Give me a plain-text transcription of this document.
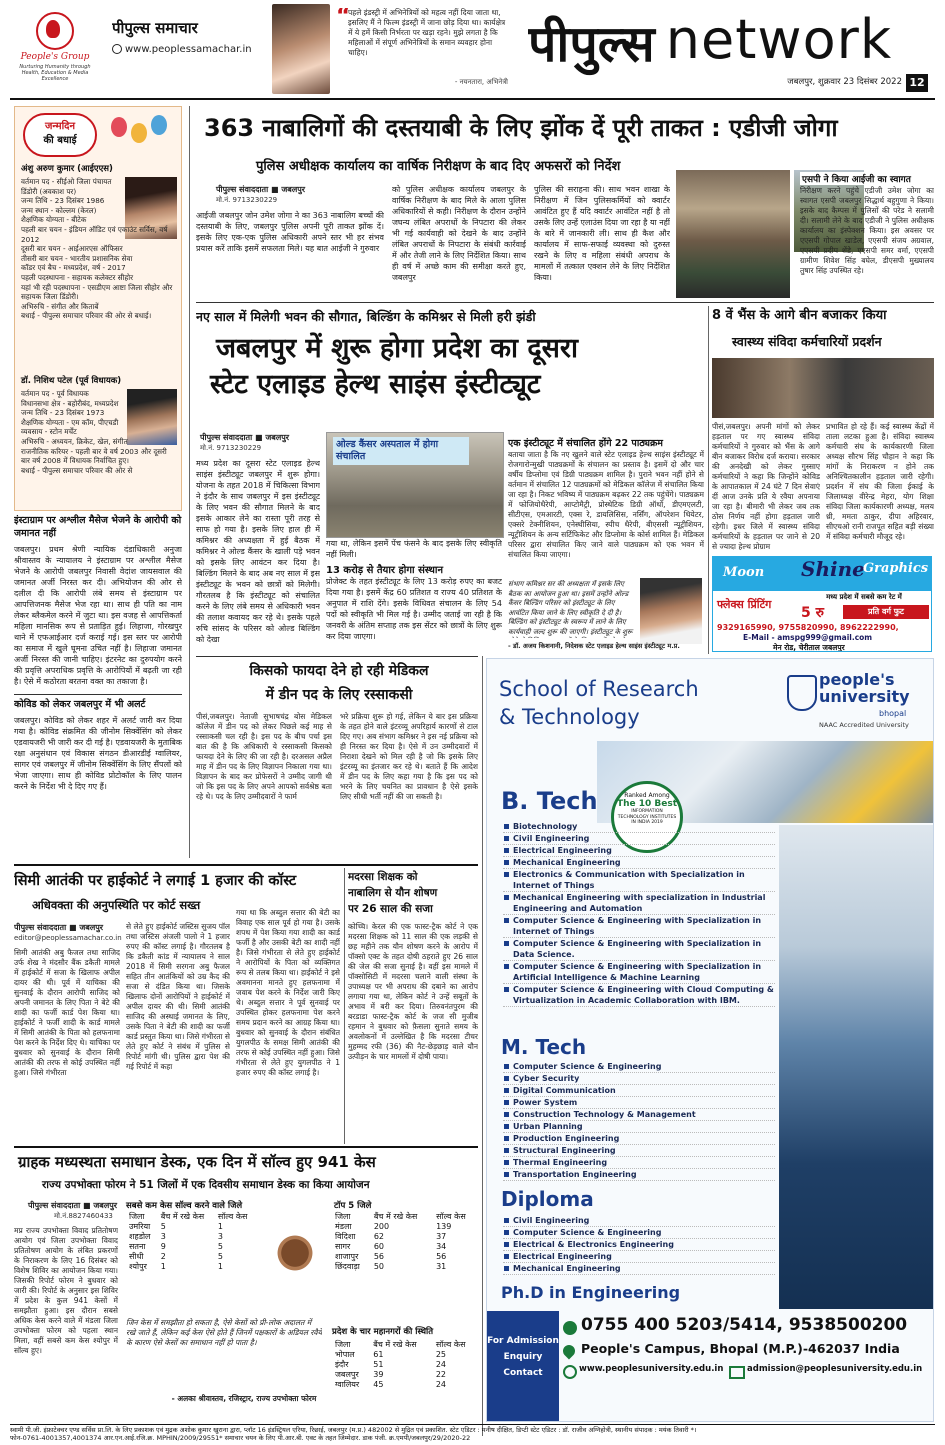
People's Group
Nurturing Humanity through Health, Education & Media Excellence
पीपुल्स समाचार
www.peoplessamachar.in
“
पहले इंडस्ट्री में अभिनेत्रियों को महत्व नहीं दिया जाता था, इसलिए मैं ने फिल्म इंडस्ट्री में जाना छोड़ दिया था। कार्यक्षेत्र में ये हमें किसी निर्भरता पर खड़ा रहने। मुझे लगता है कि महिलाओं में संपूर्ण अभिनेत्रियों के समान व्यवहार होना चाहिए।
- नयनतारा, अभिनेत्री
पीपुल्स network
जबलपुर, शुक्रवार 23 दिसंबर 2022 12
जन्मदिन
की बधाई
अंशु अरुण कुमार (आईएएस)
वर्तमान पद - सीईओ जिला पंचायत डिंडोरी (अवकाश पर)
जन्म तिथि - 23 दिसंबर 1986
जन्म स्थान - कोल्लम (केरल)
शैक्षणिक योग्यता - बीटेक
पहली बार चयन - इंडियन ऑडिट एवं एकाउंट सर्विस, वर्ष 2012
दूसरी बार चयन - आईआरएस ऑफिसर
तीसरी बार चयन - भारतीय प्रशासनिक सेवा
कॉडर एवं बैच - मध्यप्रदेश, वर्ष - 2017
पहली पदस्थापना - सहायक कलेक्टर सीहोर
यहां भी रही पदस्थापना - एसडीएम आष्टा जिला सीहोर और सहायक जिला डिंडोरी।
अभिरुचि - संगीत और किताबें
बधाई - पीपुल्स समाचार परिवार की ओर से बधाई।
डॉ. निशिथ पटेल (पूर्व विधायक)
वर्तमान पद - पूर्व विधायक
विधानसभा क्षेत्र - बहोरीबंद, मध्यप्रदेश
जन्म तिथि - 23 दिसंबर 1973
शैक्षणिक योग्यता - एम कॉम, पीएचडी
व्यवसाय - स्टोन मर्चेंट
अभिरुचि - अध्ययन, क्रिकेट, खेल, संगीत
राजनीतिक करियर - पहली बार वे वर्ष 2003 और दूसरी बार वर्ष 2008 में विधायक निर्वाचित हुए।
बधाई - पीपुल्स समाचार परिवार की ओर से
इंस्टाग्राम पर अश्लील मैसेज भेजने के आरोपी को जमानत नहीं
जबलपुर। प्रथम श्रेणी न्यायिक दंडाधिकारी अनुजा श्रीवास्तव के न्यायालय ने इंस्टाग्राम पर अश्लील मैसेज भेजने के आरोपी जबलपुर निवासी वेदांश जायसवाल की जमानत अर्जी निरस्त कर दी। अभियोजन की ओर से दलील दी कि आरोपी लंबे समय से इंस्टाग्राम पर आपत्तिजनक मैसेज भेज रहा था। साथ ही पति का नाम लेकर ब्लैकमेल करने में जुटा था। इस वजह से आपत्तिकर्ता महिला मानसिक रूप से प्रताड़ित हुई। लिहाजा, गोरखपुर थाने में एफआईआर दर्ज कराई गई। इस स्तर पर आरोपी का समाज में खुले घूमना उचित नहीं है। लिहाजा जमानत अर्जी निरस्त की जानी चाहिए। इंटरनेट का दुरुपयोग करने की प्रवृत्ति अपराधिक प्रवृत्ति के आरोपियों में बढ़ती जा रही है। ऐसे में कठोरता बरतना वक्त का तकाजा है।
कोविड को लेकर जबलपुर में भी अलर्ट
जबलपुर। कोविड को लेकर शहर में अलर्ट जारी कर दिया गया है। कोविड संक्रमित की जीनोम सिक्वेंसिंग को लेकर एडवायजरी भी जारी कर दी गई है। एडवायजरी के मुताबिक रक्षा अनुसंधान एवं विकास संगठन डीआरडीई ग्वालियर, सागर एवं जबलपुर में जीनोम सिक्वेंसिंग के लिए सैंपलों को भेजा जाएगा। साथ ही कोविड प्रोटोकॉल के लिए पालन करने के निर्देश भी दे दिए गए हैं।
363 नाबालिगों की दस्तयाबी के लिए झोंक दें पूरी ताकत : एडीजी जोगा
पुलिस अधीक्षक कार्यालय का वार्षिक निरीक्षण के बाद दिए अफसरों को निर्देश
पीपुल्स संवाददाता ■ जबलपुर
मो.नं. 9713230229
आईजी जबलपुर जोन उमेश जोगा ने का 363 नाबालिग बच्चों की दस्तयाबी के लिए, जबलपुर पुलिस अपनी पूरी ताकत झोंक दें। इसके लिए एक-एक पुलिस अधिकारी अपने स्तर भी हर संभव प्रयास करें ताकि इसमें सफलता मिले। यह बात आईजी ने गुरुवार
को पुलिस अधीक्षक कार्यालय जबलपुर के वार्षिक निरीक्षण के बाद मिले के आला पुलिस अधिकारियों से कही। निरीक्षण के दौरान उन्होंने जघन्य लंबित अपराधों के निपटारा की लेकर भी गई कार्यवाही को देखने के बाद उन्होंने लंबित अपराधों के निपटारा के संबंधी कार्रवाई में और तेजी लाने के लिए निर्देशित किया। साथ ही वर्ष में अच्छे काम की समीक्षा करते हुए, जबलपुर
पुलिस की सराहना की। साथ भवन शाखा के निरीक्षण में जिन पुलिसकर्मियों को क्वार्टर आवंटित हुए हैं यदि क्वार्टर आवंटित नहीं है तो उसके लिए उन्हें एलाउंस दिया जा रहा है या नहीं के बारे में जानकारी ली। साथ ही कैश और कार्यालय में साफ-सफाई व्यवस्था को दुरुस्त रखने के लिए व महिला संबंधी अपराध के मामलों में तत्काल एक्शन लेने के लिए निर्देशित किया।
एसपी ने किया आईजी का स्वागत
निरीक्षण करने पहुंचे एडीजी उमेश जोगा का स्वागत एसपी जबलपुर सिद्धार्थ बहुगुणा ने किया। इसके बाद कैम्पस में पुलिसों की परेड ने सलामी दी। सलामी लेने के बाद एडीजी ने पुलिस अधीक्षक कार्यालय का इंस्पेक्शन किया। इस अवसर पर एएसपी गोपाल खाडेल, एएसपी संजय अग्रवाल, एएसपी प्रदीप शेंडे, एएसपी समर वर्मा, एएसपी ग्रामीण शिवेश सिंह बघेल, डीएसपी मुख्यालय तुषार सिंह उपस्थित रहे।
नए साल में मिलेगी भवन की सौगात, बिल्डिंग के कमिश्नर से मिली हरी झंडी
जबलपुर में शुरू होगा प्रदेश का दूसरा
स्टेट एलाइड हेल्थ साइंस इंस्टीट्यूट
पीपुल्स संवाददाता ■ जबलपुर
मो.नं. 9713230229
मध्य प्रदेश का दूसरा स्टेट एलाइड हेल्थ साइंस इंस्टीट्यूट जबलपुर में शुरू होगा। योजना के तहत 2018 में चिकित्सा विभाग ने इंदौर के साथ जबलपुर में इस इंस्टीट्यूट के लिए भवन की सौगात मिलने के बाद इसके आकार लेने का रास्ता पूरी तरह से साफ हो गया है। इसके लिए हाल ही में कमिश्नर की अध्यक्षता में हुई बैठक में कमिश्नर ने ओल्ड कैंसर के खाली पड़े भवन को इसके लिए आवंटन कर दिया है। बिल्डिंग मिलने के बाद अब नए साल में इस इंस्टीट्यूट के भवन को छात्रों को मिलेगी। गौरतलब है कि इंस्टीट्यूट को संचालित करने के लिए लंबे समय से अधिकारी भवन की तलाश कवायद कर रहे थे। इसके पहले रुचि सांसद के परिसर को ओल्ड बिल्डिंग को देखा
ओल्ड कैंसर अस्पताल में होगा संचालित
गया था, लेकिन इसमें पेंच फंसने के बाद इसके लिए स्वीकृति नहीं मिली।
13 करोड़ से तैयार होगा संस्थान
प्रोजेक्ट के तहत इंस्टीट्यूट के लिए 13 करोड़ रुपए का बजट दिया गया है। इसमें केंद्र 60 प्रतिशत व राज्य 40 प्रतिशत के अनुपात में राशि देंगे। इसके विधिवत संचालन के लिए 54 पदों को स्वीकृति भी मिल गई है। उम्मीद जताई जा रही है कि जनवरी के अंतिम सप्ताह तक इस सेंटर को छात्रों के लिए शुरू कर दिया जाएगा।
एक इंस्टीट्यूट में संचालित होंगे 22 पाठ्यक्रम
बताया जाता है कि नए खुलने वाले स्टेट एलाइड हेल्थ साइंस इंस्टीट्यूट में रोजगारोन्मुखी पाठ्यक्रमों के संचालन का प्रस्ताव है। इसमें दो और चार वर्षीय डिप्लोमा एवं डिग्री पाठ्यक्रम शामिल है। पुराने भवन नहीं होने से वर्तमान में संचालित 12 पाठ्यक्रमों को मेडिकल कॉलेज में संचालित किया जा रहा है। निकट भविष्य में पाठ्यक्रम बढ़कर 22 तक पहुंचेंगे। पाठ्यक्रम में फोजियोथैरेपी, आप्टोमैट्री, प्रोस्थेटिक डिग्री ऑर्थो, डीएमएलटी, सीटीएस, एमआरटी, एक्स रे, डायलिसिस, नर्सिंग, ऑपरेशन थियेटर, एक्सरे टेक्नीशियन, एनेस्थीसिया, स्पीच थैरेपी, बीएससी न्यूट्रीशियन, न्यूट्रीशियन के अन्य सर्टिफिकेट और डिप्लोमा के कोर्स शामिल हैं। मेडिकल परिसर द्वारा संचालित किए जाने वाले पाठ्यक्रम को एक भवन में संचालित किया जाएगा।
संभाग कमिश्नर सर की अध्यक्षता में इसके लिए बैठक का आयोजन हुआ था। इसमें उन्होंने ओल्ड कैंसर बिल्डिंग परिसर को इंस्टीट्यूट के लिए आवंटित किया जाने के लिए स्वीकृति दे दी है। बिल्डिंग को इंस्टीट्यूट के स्वरूप में लाने के लिए कार्यवाही जल्द शुरू की जाएगी। इंस्टीट्यूट के शुरू
- डॉ. अजय किशनानी, निदेशक स्टेट एलाइड हेल्थ साइंस इंस्टीट्यूट म.प्र.
8 वें भैंस के आगे बीन बजाकर किया
स्वास्थ्य संविदा कर्मचारियों प्रदर्शन
पीसं,जबलपुर। अपनी मांगों को लेकर हड़ताल पर गए स्वास्थ्य संविदा कर्मचारियों ने गुरुवार को भैंस के आगे बीन बजाकर विरोध दर्ज कराया। सरकार की अनदेखी को लेकर गुस्साए कर्मचारियों ने कहा कि जिन्होंने कोविड के आपातकाल में 24 घंटे 7 दिन सेवाएं दीं आज उनके प्रति ये रवैया अपनाया जा रहा है। बीमारी भी लेकर जब तक ठोस निर्णय नहीं होगा हड़ताल जारी रहेगी। इधर जिले में स्वास्थ्य संविदा कर्मचारियों के हड़ताल पर जाने से 20 से ज्यादा हेल्थ प्रोग्राम
प्रभावित हो रहे हैं। कई स्वास्थ्य केंद्रों में ताला लटका हुआ है। संविदा स्वास्थ्य कर्मचारी संघ के कार्यकारणी जिला अध्यक्ष सौरभ सिंह चौहान ने कहा कि मांगों के निराकरण न होने तक अनिश्चितकालीन हड़ताल जारी रहेगी। प्रदर्शन में संघ की जिला ईकाई के जिलाध्यक्ष वीरेन्द्र मेहरा, योग शिक्षा संविदा जिला कार्यकारणी अध्यक्ष, मलय थ्री, ममता ठाकुर, दीपा अहिरवार, सीएचओ रानी राजपूत सहित बड़ी संख्या में संविदा कर्मचारी मौजूद रहे।
Moon Shine
Graphics
मध्य प्रदेश में सबसे कम रेट में
फ्लेक्स प्रिंटिंग
5 रु	प्रति वर्ग फुट
9329165990, 9755820990, 8962222990,
E-Mail - amspg999@gmail.com
मेन रोड, चेरीताल जबलपुर
किसको फायदा देने हो रही मेडिकल
में डीन पद के लिए रस्साकसी
पीसं,जबलपुर। नेताजी सुभाषचंद्र बोस मेडिकल कॉलेज में डीन पद को लेकर पिछले कई माह से रस्साकसी चल रही है। इस पद के बीच पर्चा इस बात की है कि अधिकारी ये रस्साकसी किसको फायदा देने के लिए की जा रही है। दरअसल अप्रैल माह में डीन पद के लिए विज्ञापन निकाला गया था। विज्ञापन के बाद कर प्रोफेसरों ने उम्मीद जागी थी जो कि इस पद के लिए अपने आपको सर्वश्रेष्ठ बता रहे थे। पद के लिए उम्मीदवारों ने फार्म
भरे प्रक्रिया शुरू हो गई, लेकिन ये बार इस प्रक्रिया के तहत होने वाले इंटरव्यू अपरिहार्य कारणों से टाल दिए गए। अब संभाग कमिश्नर ने इस नई प्रक्रिया को ही निरस्त कर दिया है। ऐसे में उन उम्मीदवारों में निराशा देखने को मिल रही है जो कि इसके लिए इंटरव्यू का इंतजार कर रहे थे। बताते हैं कि आदेश में डीन पद के लिए कहा गया है कि इस पद को भरने के लिए चयनित का प्रावधान है ऐसे इसके लिए सीधी भर्ती नहीं की जा सकती है।
School of Research
& Technology
people's university
bhopal
NAAC Accredited University
Ranked Among
The 10 Best
INFORMATION TECHNOLOGY INSTITUTES IN INDIA 2019
B. Tech
Biotechnology
Civil Engineering
Electrical Engineering
Mechanical Engineering
Electronics & Communication with Specialization in Internet of Things
Mechanical Engineering with specialization in Industrial Engineering and Automation
Computer Science & Engineering with Specialization in Internet of Things
Computer Science & Engineering with Specialization in Data Science.
Computer Science & Engineering with Specialization in Artificial Intelligence & Machine Learning
Computer Science & Engineering with Cloud Computing & Virtualization in Academic Collaboration with IBM.
M. Tech
Computer Science & Engineering
Cyber Security
Digital Communication
Power System
Construction Technology & Management
Urban Planning
Production Engineering
Structural Engineering
Thermal Engineering
Transportation Engineering
Diploma
Civil Engineering
Computer Science & Engineering
Electrical & Electronics Engineering
Electrical Engineering
Mechanical Engineering
Ph.D in Engineering
For Admission Enquiry Contact
0755 400 5203/5414, 9538500200
People's Campus, Bhopal (M.P.)-462037 India
www.peoplesuniversity.edu.in	admission@peoplesuniversity.edu.in
सिमी आतंकी पर हाईकोर्ट ने लगाई 1 हजार की कॉस्ट
अधिवक्ता की अनुपस्थिति पर कोर्ट सख्त
पीपुल्स संवाददाता ■ जबलपुर
editor@peoplessamachar.co.in
सिमी आतंकी अबु फैजल तथा साजिद उर्फ शेख ने मंदसौर बैंक डकैती मामले में हाईकोर्ट में सजा के खिलाफ अपील दायर की थी। पूर्व में याचिका की सुनवाई के दौरान आरोपी साजिद को अपनी जमानत के लिए पिता ने बेटे की शादी का फर्जी कार्ड पेश किया था। हाईकोर्ट ने फर्जी शादी के कार्ड मामले में सिमी आतंकी के पिता को हलफनामा पेश करने के निर्देश दिए थे। याचिका पर बुधवार को सुनवाई के दौरान सिमी आतंकी की तरफ से कोई उपस्थित नहीं हुआ। जिसे गंभीरता
से लेते हुए हाईकोर्ट जस्टिस सुजय पॉल तथा जस्टिस अंजली पालो ने 1 हजार रुपए की कॉस्ट लगाई है। गौरतलब है कि डकैती कांड में न्यायालय ने साल 2018 में सिमी सरगना अबु फैजल सहित तीन आतंकियों को उम्र कैद की सजा से दंडित किया था। जिसके खिलाफ दोनों आरोपियों ने हाईकोर्ट में अपील दायर की थी। सिमी आतंकी साजिद की अस्थाई जमानत के लिए, उसके पिता ने बेटी की शादी का फर्जी कार्ड प्रस्तुत किया था। जिसे गंभीरता से लेते हुए कोर्ट ने संबंध में पुलिस से रिपोर्ट मांगी थी। पुलिस द्वारा पेश की गई रिपोर्ट में कहा
गया था कि अब्दुल सत्तार की बेटी का विवाह एक साल पूर्व हो गया है। उसके शपथ में पेश किया गया शादी का कार्ड फर्जी है और उसकी बेटी का शादी नहीं है। जिसे गंभीरता से लेते हुए हाईकोर्ट ने आरोपियों के पिता को व्यक्तिगत रूप से तलब किया था। हाईकोर्ट ने इसे अवमानना मानते हुए हलफनामा में जवाब पेश करने के निर्देश जारी किए थे। अब्दुल सत्तार ने पूर्व सुनवाई पर उपस्थित होकर हलफनामा पेश करने समय प्रदान करने का आग्रह किया था। बुधवार को सुनवाई के दौरान संबंधित युगलपीठ के समक्ष सिमी आतंकी की तरफ से कोई उपस्थित नहीं हुआ। जिसे गंभीरता से लेते हुए युगलपीठ ने 1 हजार रुपए की कॉस्ट लगाई है।
मदरसा शिक्षक को
नाबालिग से यौन शोषण
पर 26 साल की सजा
कोच्चि। केरल की एक फास्ट-ट्रैक कोर्ट ने एक मदरसा शिक्षक को 11 साल की एक लड़की से छह महीने तक यौन शोषण करने के आरोप में पॉक्सो एक्ट के तहत दोषी ठहराते हुए 26 साल की जेल की सजा सुनाई है। वहीं इस मामले में पॉक्सोसिटी में मदरसा चलाने वाली संस्था के उपाध्यक्ष पर भी अपराध की दबाने का आरोप लगाया गया था, लेकिन कोर्ट ने उन्हें सबूतों के अभाव में बरी कर दिया। तिरुवनंतपुरम की बरडाडा फास्ट-ट्रैक कोर्ट के जज सी मुजीब रहमान ने बुधवार को फ़ैसला सुनाते समय के अवलोकनों में उल्लेखित है कि मदरसा टीचर मुहम्मद रफी (36) की नैट-छेड़छाड़ वाले यौन उत्पीड़न के चार मामलों में दोषी पाया।
ग्राहक मध्यस्थता समाधान डेस्क, एक दिन में सॉल्व हुए 941 केस
राज्य उपभोक्ता फोरम ने 51 जिलों में एक दिवसीय समाधान डेस्क का किया आयोजन
पीपुल्स संवाददाता ■ जबलपुर
मो.नं.8827460433
मप्र राज्य उपभोक्ता विवाद प्रतितोषण आयोग एवं जिला उपभोक्ता विवाद प्रतितोषण आयोग के लंबित प्रकरणों के निराकरण के लिए 16 दिसंबर को विशेष शिविर का आयोजन किया गया। जिसकी रिपोर्ट फोरम ने बुधवार को जारी की। रिपोर्ट के अनुसार इस शिविर में प्रदेश के कुल 941 केसों में समझौता हुआ। इस दौरान सबसे अधिक केस करने वाले में मंडला जिला उपभोक्ता फोरम को पहला स्थान मिला, वहीं सबसे कम केस श्योपुर में सॉल्व हुए।
सबसे कम केस सॉल्व करने वाले जिले
जिला	बैंच में रखे केस	सॉल्व केस
उमरिया	5	1
शहडोल	3	3
सतना	9	5
सीधी	2	5
श्योपुर	1	1
टॉप 5 जिले
जिला	बैंच में रखे केस	सॉल्व केस
मंडला	200	139
विदिशा	62	37
सागर	60	34
शाजापुर	56	56
छिंदवाड़ा	50	31
जिन केस में समझौता हो सकता है, ऐसे केसों को प्री-लोक अदालत में रखे जाते हैं, लेकिन कई केस ऐसे होते हैं जिनमें पक्षकारों के अडियल रवैये के कारण ऐसे केसों का समाधान नहीं हो पाता है।
- अलका श्रीवास्तव, रजिस्ट्रार, राज्य उपभोक्ता फोरम
प्रदेश के चार महानगरों की स्थिति
जिला	बैंच में रखे केस	सॉल्व केस
भोपाल	61	25
इंदौर	51	24
जबलपुर	39	22
ग्वालियर	45	24
स्वामी पी.जी. इंफ्राटेक्चर एण्ड सर्विस प्रा.लि. के लिए प्रकाशक एवं मुद्रक अशोक कुमार खुराना द्वारा, प्लॉट 16 इंडस्ट्रियल एरिया, रिछाई, जबलपुर (म.प्र.) 482002 से मुद्रित एवं प्रकाशित. स्टेट एडिटर : मनीष दीक्षित, डिप्टी स्टेट एडिटर : डॉ. राजीव अग्निहोत्री, स्थानीय संपादक : मयंक तिवारी *।
फोन-0761-4001357,4001374 आर.एन.आई.रजि.क्र. MPHIN/2009/29551* समाचार चयन के लिए पी.आर.बी. एक्ट के तहत जिम्मेदार. डाक पंजी. क्र.एमपी/जबलपुर/29/2020-22
